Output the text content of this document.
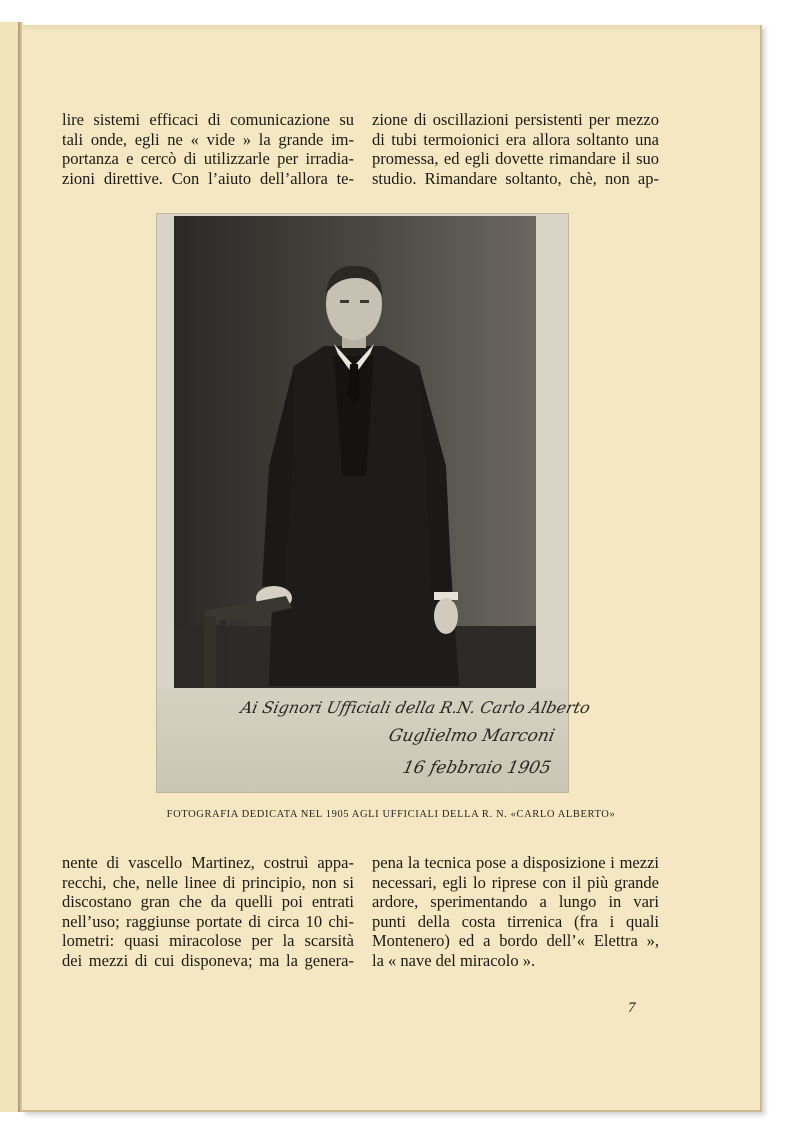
lire sistemi efficaci di comunicazione su

tali onde, egli ne « vide » la grande im-

portanza e cercò di utilizzarle per irradia-

zioni direttive. Con l’aiuto dell’allora te-

zione di oscillazioni persistenti per mezzo

di tubi termoionici era allora soltanto una

promessa, ed egli dovette rimandare il suo

studio. Rimandare soltanto, chè, non ap-

Ai Signori Ufficiali della R.N. Carlo Alberto
Guglielmo Marconi
16 febbraio 1905
FOTOGRAFIA DEDICATA NEL 1905 AGLI UFFICIALI DELLA R. N. «CARLO ALBERTO»

nente di vascello Martinez, costruì appa-

recchi, che, nelle linee di principio, non si

discostano gran che da quelli poi entrati

nell’uso; raggiunse portate di circa 10 chi-

lometri: quasi miracolose per la scarsità

dei mezzi di cui disponeva; ma la genera-

pena la tecnica pose a disposizione i mezzi

necessari, egli lo riprese con il più grande

ardore, sperimentando a lungo in vari

punti della costa tirrenica (fra i quali

Montenero) ed a bordo dell’« Elettra »,

la « nave del miracolo ».

7
